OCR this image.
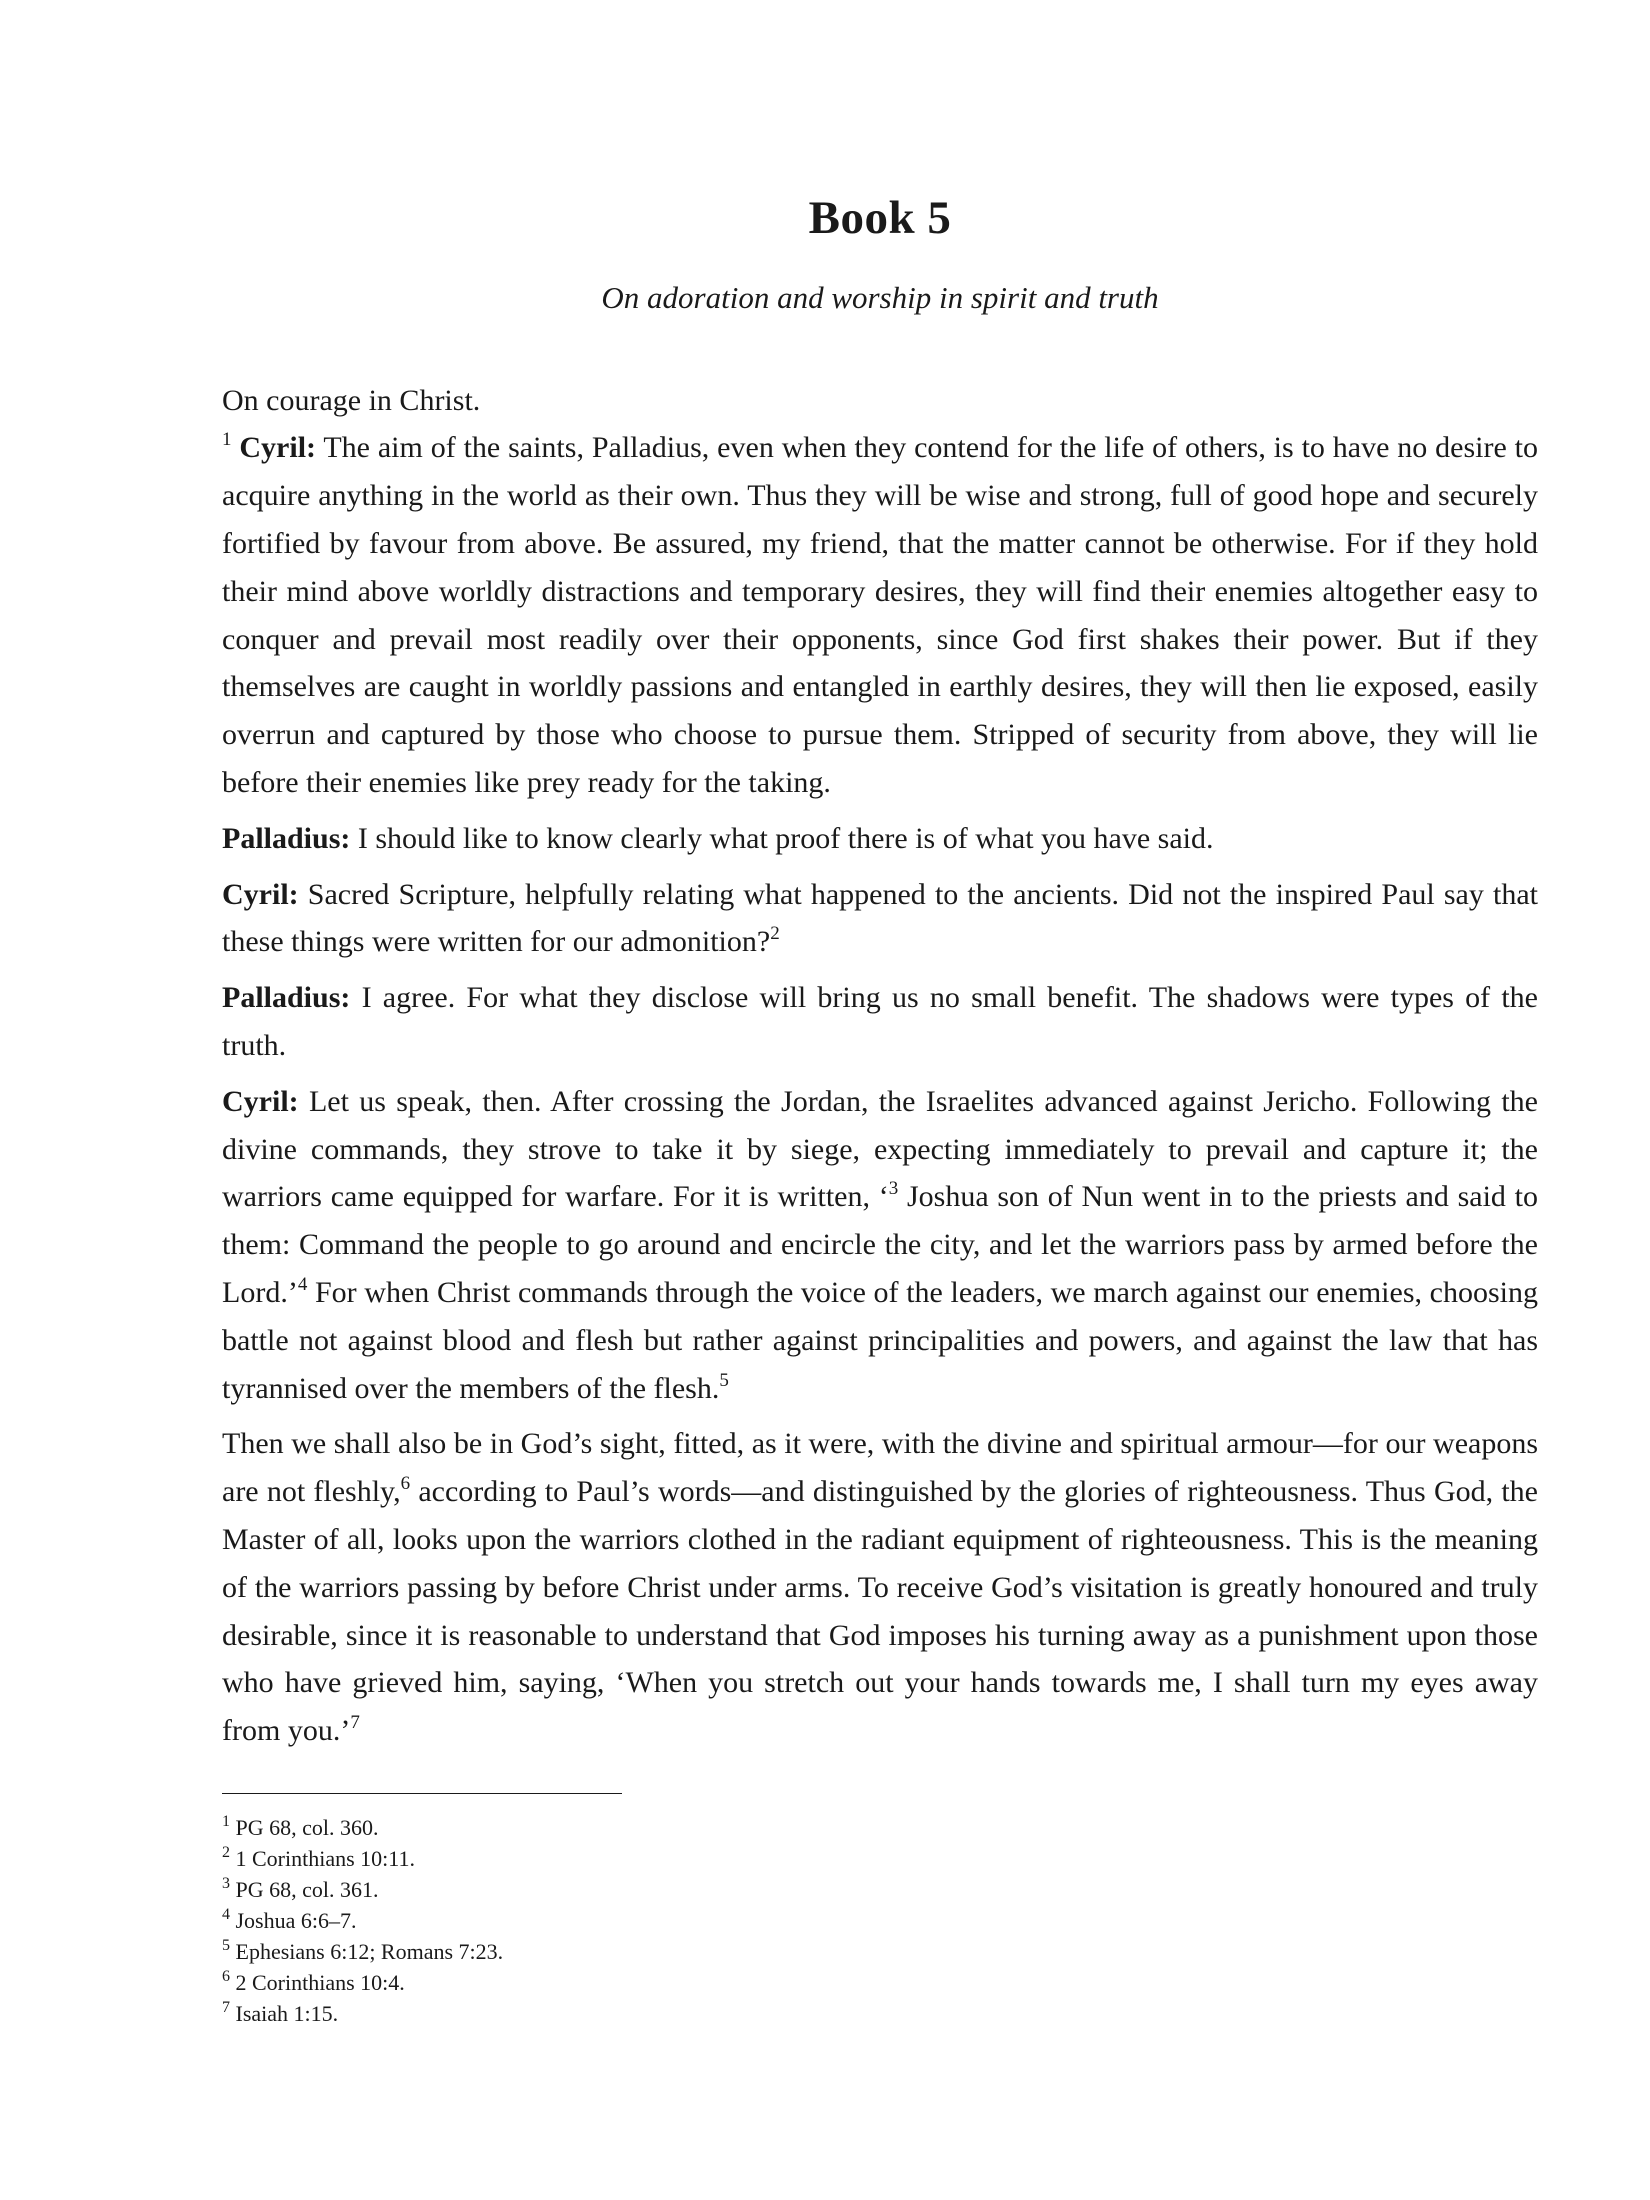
Book 5
On adoration and worship in spirit and truth

On courage in Christ.

$^1$ Cyril: The aim of the saints, Palladius, even when they contend for the life of others, is to have no desire to acquire anything in the world as their own. Thus they will be wise and strong, full of good hope and securely fortified by favour from above. Be assured, my friend, that the matter cannot be otherwise. For if they hold their mind above worldly distractions and temporary desires, they will find their enemies altogether easy to conquer and prevail most readily over their opponents, since God first shakes their power. But if they themselves are caught in worldly passions and entangled in earthly desires, they will then lie exposed, easily overrun and captured by those who choose to pursue them. Stripped of security from above, they will lie before their enemies like prey ready for the taking.

Palladius: I should like to know clearly what proof there is of what you have said.

Cyril: Sacred Scripture, helpfully relating what happened to the ancients. Did not the inspired Paul say that these things were written for our admonition?$^2$

Palladius: I agree. For what they disclose will bring us no small benefit. The shadows were types of the truth.

Cyril: Let us speak, then. After crossing the Jordan, the Israelites advanced against Jericho. Following the divine commands, they strove to take it by siege, expecting immediately to prevail and capture it; the warriors came equipped for warfare. For it is written, ‘$^3$ Joshua son of Nun went in to the priests and said to them: Command the people to go around and encircle the city, and let the warriors pass by armed before the Lord.’$^4$ For when Christ commands through the voice of the leaders, we march against our enemies, choosing battle not against blood and flesh but rather against principalities and powers, and against the law that has tyrannised over the members of the flesh.$^5$

Then we shall also be in God’s sight, fitted, as it were, with the divine and spiritual armour—for our weapons are not fleshly,$^6$ according to Paul’s words—and distinguished by the glories of righteousness. Thus God, the Master of all, looks upon the warriors clothed in the radiant equipment of righteousness. This is the meaning of the warriors passing by before Christ under arms. To receive God’s visitation is greatly honoured and truly desirable, since it is reasonable to understand that God imposes his turning away as a punishment upon those who have grieved him, saying, ‘When you stretch out your hands towards me, I shall turn my eyes away from you.’$^7$

$^1$ PG 68, col. 360.

$^2$ 1 Corinthians 10:11.

$^3$ PG 68, col. 361.

$^4$ Joshua 6:6–7.

$^5$ Ephesians 6:12; Romans 7:23.

$^6$ 2 Corinthians 10:4.

$^7$ Isaiah 1:15.
